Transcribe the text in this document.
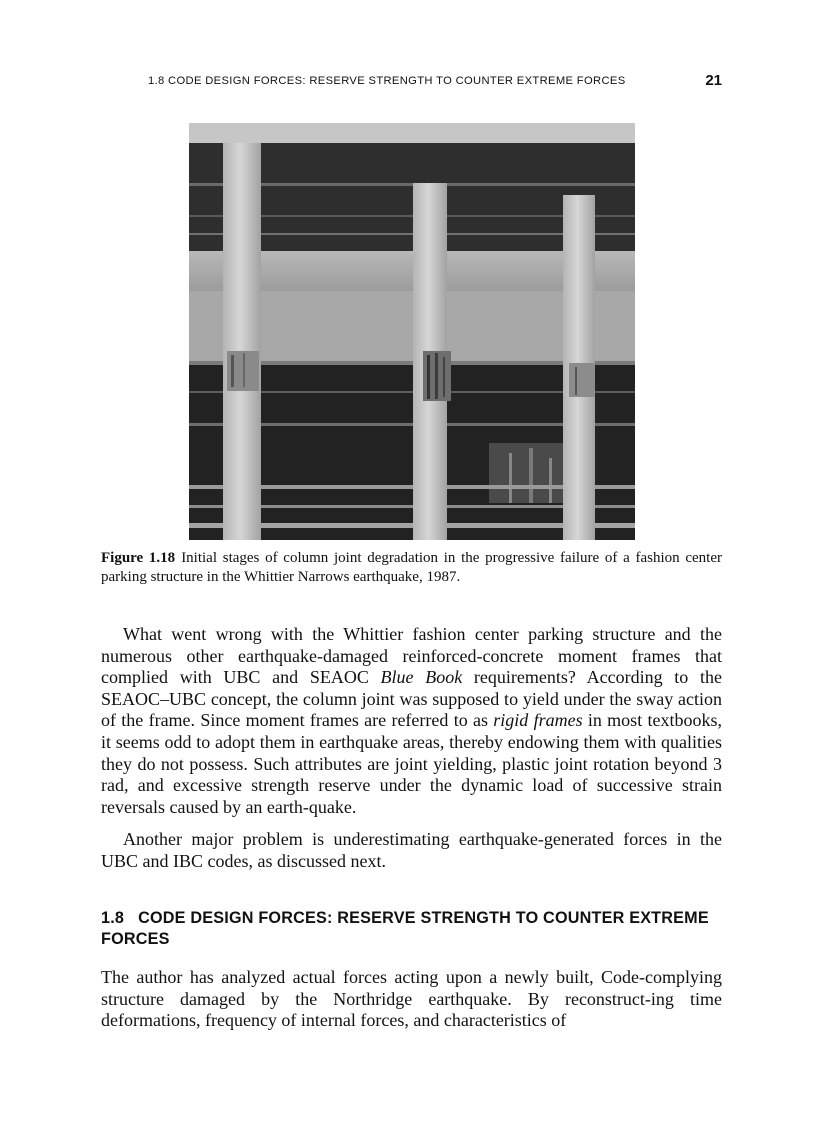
1.8 CODE DESIGN FORCES: RESERVE STRENGTH TO COUNTER EXTREME FORCES	21
Figure 1.18 Initial stages of column joint degradation in the progressive failure of a fashion center parking structure in the Whittier Narrows earthquake, 1987.

What went wrong with the Whittier fashion center parking structure and the numerous other earthquake-damaged reinforced-concrete moment frames that complied with UBC and SEAOC Blue Book requirements? According to the SEAOC–UBC concept, the column joint was supposed to yield under the sway action of the frame. Since moment frames are referred to as rigid frames in most textbooks, it seems odd to adopt them in earthquake areas, thereby endowing them with qualities they do not possess. Such attributes are joint yielding, plastic joint rotation beyond 3 rad, and excessive strength reserve under the dynamic load of successive strain reversals caused by an earth-quake.

Another major problem is underestimating earthquake-generated forces in the UBC and IBC codes, as discussed next.

1.8 CODE DESIGN FORCES: RESERVE STRENGTH TO COUNTER EXTREME FORCES

The author has analyzed actual forces acting upon a newly built, Code-complying structure damaged by the Northridge earthquake. By reconstruct-ing time deformations, frequency of internal forces, and characteristics of
